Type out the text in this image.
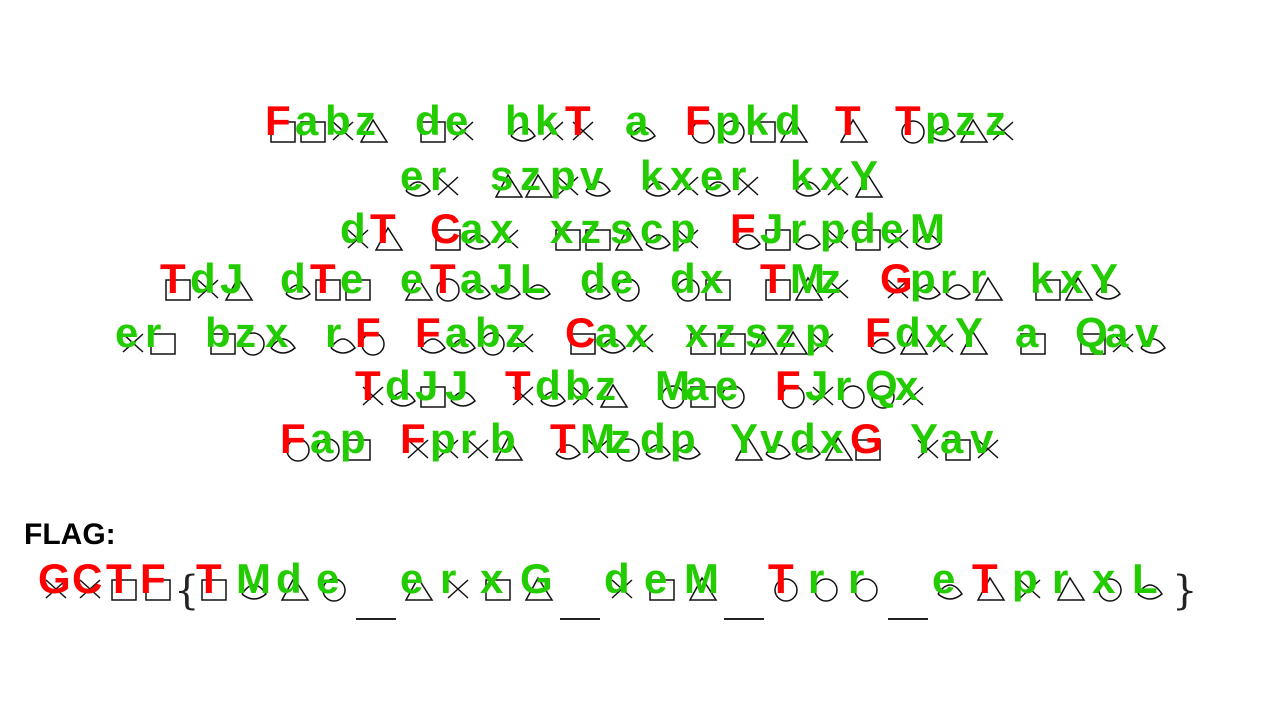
F a b z d e h k T a F p k d T T p z z
e r s z p v k x e r k x Y
d T C a x x z s c p F J r p d e M
T d J d T e e T a J L d e d x T M
z G
p r r k x Y
e r b z x r F F a b z C a x x z s z p F d x Y a Q
a v
T d J J T d b z M
a e F J r Q
x
F a p F p r b T M
z d p Y v d x G Y a v
FLAG:
G C T F {
T M d e e r x G d e M T r r e T p r x L }
